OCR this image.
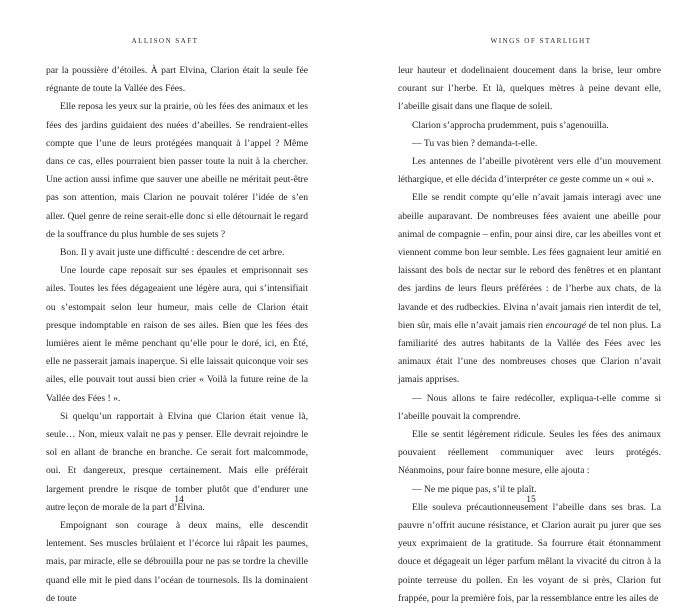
ALLISON SAFT

par la poussière d’étoiles. À part Elvina, Clarion était la seule fée régnante de toute la Vallée des Fées.

Elle reposa les yeux sur la prairie, où les fées des animaux et les fées des jardins guidaient des nuées d’abeilles. Se rendraient-elles compte que l’une de leurs protégées manquait à l’appel ? Même dans ce cas, elles pourraient bien passer toute la nuit à la chercher. Une action aussi infime que sauver une abeille ne méritait peut-être pas son attention, mais Clarion ne pouvait tolérer l’idée de s’en aller. Quel genre de reine serait-elle donc si elle détournait le regard de la souffrance du plus humble de ses sujets ?

Bon. Il y avait juste une difficulté : descendre de cet arbre.

Une lourde cape reposait sur ses épaules et emprisonnait ses ailes. Toutes les fées dégageaient une légère aura, qui s’intensifiait ou s’estompait selon leur humeur, mais celle de Clarion était presque indomptable en raison de ses ailes. Bien que les fées des lumières aient le même penchant qu’elle pour le doré, ici, en Été, elle ne passerait jamais inaperçue. Si elle laissait quiconque voir ses ailes, elle pouvait tout aussi bien crier « Voilà la future reine de la Vallée des Fées ! ».

Si quelqu’un rapportait à Elvina que Clarion était venue là, seule… Non, mieux valait ne pas y penser. Elle devrait rejoindre le sol en allant de branche en branche. Ce serait fort malcommode, oui. Et dangereux, presque certainement. Mais elle préférait largement prendre le risque de tomber plutôt que d’endurer une autre leçon de morale de la part d’Elvina.

Empoignant son courage à deux mains, elle descendit lentement. Ses muscles brûlaient et l’écorce lui râpait les paumes, mais, par miracle, elle se débrouilla pour ne pas se tordre la cheville quand elle mit le pied dans l’océan de tournesols. Ils la dominaient de toute

14
WINGS OF STARLIGHT

leur hauteur et dodelinaient doucement dans la brise, leur ombre courant sur l’herbe. Et là, quelques mètres à peine devant elle, l’abeille gisait dans une flaque de soleil.

Clarion s’approcha prudemment, puis s’agenouilla.

— Tu vas bien ? demanda-t-elle.

Les antennes de l’abeille pivotèrent vers elle d’un mouvement léthargique, et elle décida d’interpréter ce geste comme un « oui ».

Elle se rendit compte qu’elle n’avait jamais interagi avec une abeille auparavant. De nombreuses fées avaient une abeille pour animal de compagnie – enfin, pour ainsi dire, car les abeilles vont et viennent comme bon leur semble. Les fées gagnaient leur amitié en laissant des bols de nectar sur le rebord des fenêtres et en plantant des jardins de leurs fleurs préférées : de l’herbe aux chats, de la lavande et des rudbeckies. Elvina n’avait jamais rien interdit de tel, bien sûr, mais elle n’avait jamais rien encouragé de tel non plus. La familiarité des autres habitants de la Vallée des Fées avec les animaux était l’une des nombreuses choses que Clarion n’avait jamais apprises.

— Nous allons te faire redécoller, expliqua-t-elle comme si l’abeille pouvait la comprendre.

Elle se sentit légèrement ridicule. Seules les fées des animaux pouvaient réellement communiquer avec leurs protégés. Néanmoins, pour faire bonne mesure, elle ajouta :

— Ne me pique pas, s’il te plaît.

Elle souleva précautionneusement l’abeille dans ses bras. La pauvre n’offrit aucune résistance, et Clarion aurait pu jurer que ses yeux exprimaient de la gratitude. Sa fourrure était étonnamment douce et dégageait un léger parfum mêlant la vivacité du citron à la pointe terreuse du pollen. En les voyant de si près, Clarion fut frappée, pour la première fois, par la ressemblance entre les ailes de

15
